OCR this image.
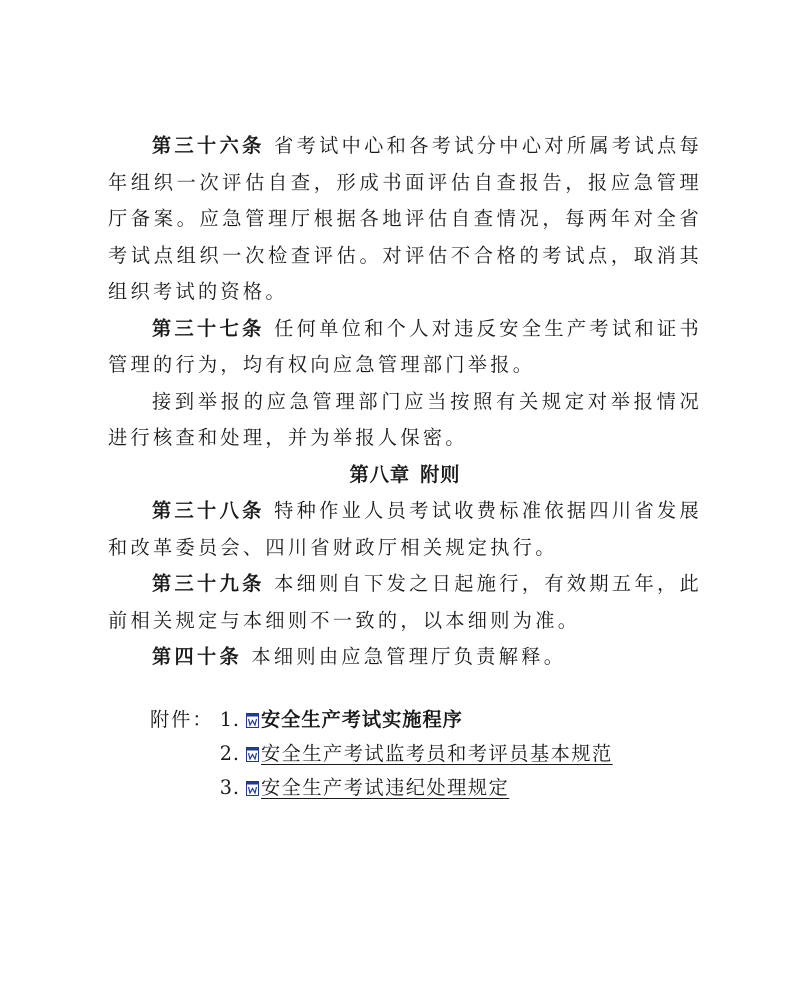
第三十六条 省考试中心和各考试分中心对所属考试点每年组织一次评估自查，形成书面评估自查报告，报应急管理厅备案。应急管理厅根据各地评估自查情况，每两年对全省考试点组织一次检查评估。对评估不合格的考试点，取消其组织考试的资格。

第三十七条 任何单位和个人对违反安全生产考试和证书管理的行为，均有权向应急管理部门举报。

接到举报的应急管理部门应当按照有关规定对举报情况进行核查和处理，并为举报人保密。

第八章 附则

第三十八条 特种作业人员考试收费标准依据四川省发展和改革委员会、四川省财政厅相关规定执行。

第三十九条 本细则自下发之日起施行，有效期五年，此前相关规定与本细则不一致的，以本细则为准。

第四十条 本细则由应急管理厅负责解释。

附件： 1.	安全生产考试实施程序
2.	安全生产考试监考员和考评员基本规范
3.	安全生产考试违纪处理规定
